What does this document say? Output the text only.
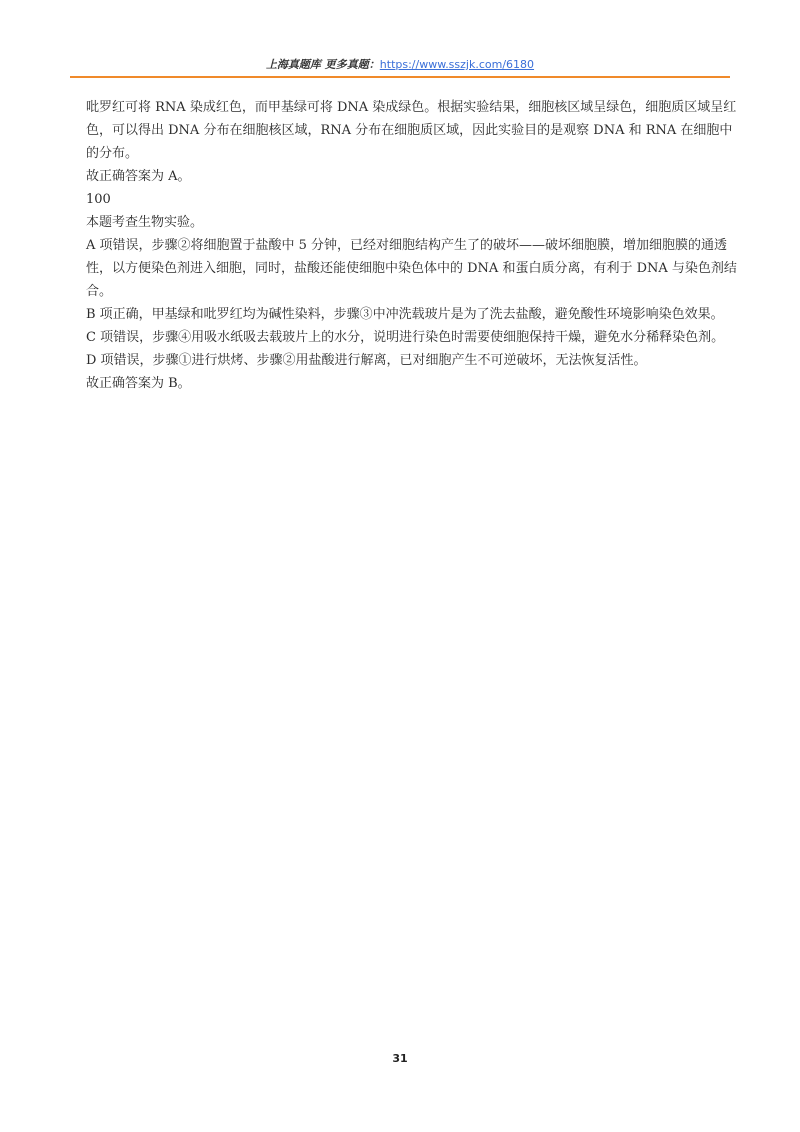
上海真题库 更多真题：https://www.sszjk.com/6180

吡罗红可将 RNA 染成红色，而甲基绿可将 DNA 染成绿色。根据实验结果，细胞核区域呈绿色，细胞质区域呈红色，可以得出 DNA 分布在细胞核区域，RNA 分布在细胞质区域，因此实验目的是观察 DNA 和 RNA 在细胞中的分布。

故正确答案为 A。

100

本题考查生物实验。

A 项错误，步骤②将细胞置于盐酸中 5 分钟，已经对细胞结构产生了的破坏——破坏细胞膜，增加细胞膜的通透性，以方便染色剂进入细胞，同时，盐酸还能使细胞中染色体中的 DNA 和蛋白质分离，有利于 DNA 与染色剂结合。

B 项正确，甲基绿和吡罗红均为碱性染料，步骤③中冲洗载玻片是为了洗去盐酸，避免酸性环境影响染色效果。

C 项错误，步骤④用吸水纸吸去载玻片上的水分，说明进行染色时需要使细胞保持干燥，避免水分稀释染色剂。

D 项错误，步骤①进行烘烤、步骤②用盐酸进行解离，已对细胞产生不可逆破坏，无法恢复活性。

故正确答案为 B。

31
